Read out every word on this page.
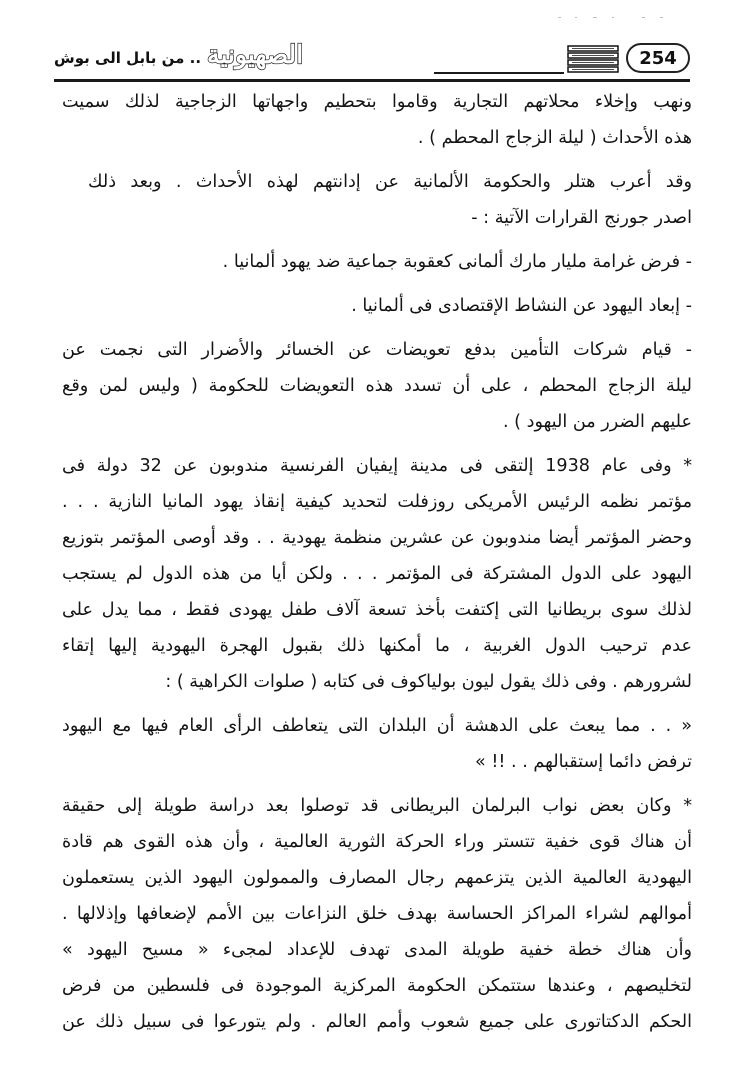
الصهيونية.. من بابل الى بوش	254
ونهب وإخلاء محلاتهم التجارية وقاموا بتحطيم واجهاتها الزجاجية لذلك سميت
هذه الأحداث ( ليلة الزجاج المحطم ) .
وقد أعرب هتلر والحكومة الألمانية عن إدانتهم لهذه الأحداث . وبعد ذلك
اصدر جورنج القرارات الآتية : -
- فرض غرامة مليار مارك ألمانى كعقوبة جماعية ضد يهود ألمانيا .
- إبعاد اليهود عن النشاط الإقتصادى فى ألمانيا .
- قيام شركات التأمين بدفع تعويضات عن الخسائر والأضرار التى نجمت عن
ليلة الزجاج المحطم ، على أن تسدد هذه التعويضات للحكومة ( وليس لمن وقع
عليهم الضرر من اليهود ) .
* وفى عام 1938 إلتقى فى مدينة إيفيان الفرنسية مندوبون عن 32 دولة فى
مؤتمر نظمه الرئيس الأمريكى روزفلت لتحديد كيفية إنقاذ يهود المانيا النازية . . .
وحضر المؤتمر أيضا مندوبون عن عشرين منظمة يهودية . . وقد أوصى المؤتمر بتوزيع
اليهود على الدول المشتركة فى المؤتمر . . . ولكن أيا من هذه الدول لم يستجب
لذلك سوى بريطانيا التى إكتفت بأخذ تسعة آلاف طفل يهودى فقط ، مما يدل على
عدم ترحيب الدول الغربية ، ما أمكنها ذلك بقبول الهجرة اليهودية إليها إتقاء
لشرورهم . وفى ذلك يقول ليون بولياكوف فى كتابه ( صلوات الكراهية ) :
« . . مما يبعث على الدهشة أن البلدان التى يتعاطف الرأى العام فيها مع اليهود
ترفض دائما إستقبالهم . . !! »
* وكان بعض نواب البرلمان البريطانى قد توصلوا بعد دراسة طويلة إلى حقيقة
أن هناك قوى خفية تتستر وراء الحركة الثورية العالمية ، وأن هذه القوى هم قادة
اليهودية العالمية الذين يتزعمهم رجال المصارف والممولون اليهود الذين يستعملون
أموالهم لشراء المراكز الحساسة بهدف خلق النزاعات بين الأمم لإضعافها وإذلالها .
وأن هناك خطة خفية طويلة المدى تهدف للإعداد لمجىء « مسيح اليهود »
لتخليصهم ، وعندها ستتمكن الحكومة المركزية الموجودة فى فلسطين من فرض
الحكم الدكتاتورى على جميع شعوب وأمم العالم . ولم يتورعوا فى سبيل ذلك عن
